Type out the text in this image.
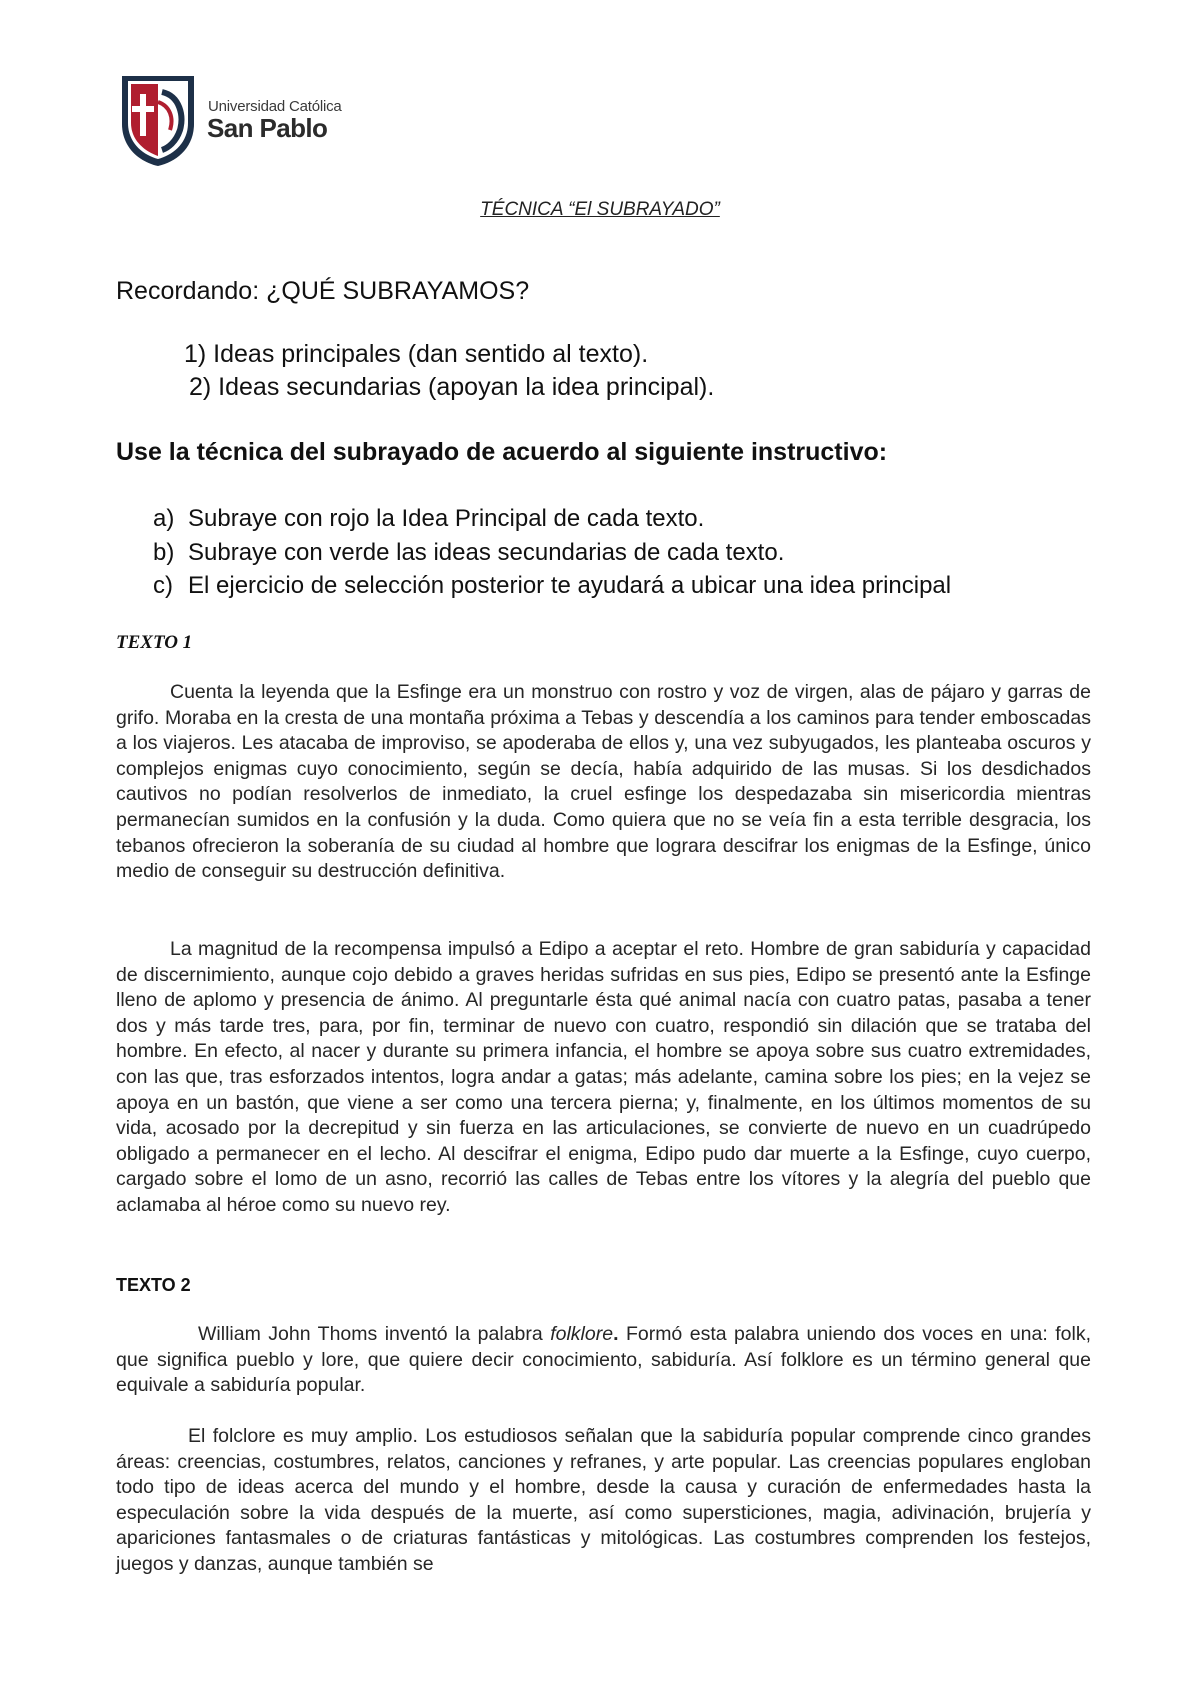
Universidad Católica
San Pablo
TÉCNICA “El SUBRAYADO”
Recordando: ¿QUÉ SUBRAYAMOS?
1) Ideas principales (dan sentido al texto).
2) Ideas secundarias (apoyan la idea principal).
Use la técnica del subrayado de acuerdo al siguiente instructivo:
a) Subraye con rojo la Idea Principal de cada texto.
b) Subraye con verde las ideas secundarias de cada texto.
c) El ejercicio de selección posterior te ayudará a ubicar una idea principal
TEXTO 1

Cuenta la leyenda que la Esfinge era un monstruo con rostro y voz de virgen, alas de pájaro y garras de grifo. Moraba en la cresta de una montaña próxima a Tebas y descendía a los caminos para tender emboscadas a los viajeros. Les atacaba de improviso, se apoderaba de ellos y, una vez subyugados, les planteaba oscuros y complejos enigmas cuyo conocimiento, según se decía, había adquirido de las musas. Si los desdichados cautivos no podían resolverlos de inmediato, la cruel esfinge los despedazaba sin misericordia mientras permanecían sumidos en la confusión y la duda. Como quiera que no se veía fin a esta terrible desgracia, los tebanos ofrecieron la soberanía de su ciudad al hombre que lograra descifrar los enigmas de la Esfinge, único medio de conseguir su destrucción definitiva.

La magnitud de la recompensa impulsó a Edipo a aceptar el reto. Hombre de gran sabiduría y capacidad de discernimiento, aunque cojo debido a graves heridas sufridas en sus pies, Edipo se presentó ante la Esfinge lleno de aplomo y presencia de ánimo. Al preguntarle ésta qué animal nacía con cuatro patas, pasaba a tener dos y más tarde tres, para, por fin, terminar de nuevo con cuatro, respondió sin dilación que se trataba del hombre. En efecto, al nacer y durante su primera infancia, el hombre se apoya sobre sus cuatro extremidades, con las que, tras esforzados intentos, logra andar a gatas; más adelante, camina sobre los pies; en la vejez se apoya en un bastón, que viene a ser como una tercera pierna; y, finalmente, en los últimos momentos de su vida, acosado por la decrepitud y sin fuerza en las articulaciones, se convierte de nuevo en un cuadrúpedo obligado a permanecer en el lecho. Al descifrar el enigma, Edipo pudo dar muerte a la Esfinge, cuyo cuerpo, cargado sobre el lomo de un asno, recorrió las calles de Tebas entre los vítores y la alegría del pueblo que aclamaba al héroe como su nuevo rey.

TEXTO 2

William John Thoms inventó la palabra folklore. Formó esta palabra uniendo dos voces en una: folk, que significa pueblo y lore, que quiere decir conocimiento, sabiduría. Así folklore es un término general que equivale a sabiduría popular.

El folclore es muy amplio. Los estudiosos señalan que la sabiduría popular comprende cinco grandes áreas: creencias, costumbres, relatos, canciones y refranes, y arte popular. Las creencias populares engloban todo tipo de ideas acerca del mundo y el hombre, desde la causa y curación de enfermedades hasta la especulación sobre la vida después de la muerte, así como supersticiones, magia, adivinación, brujería y apariciones fantasmales o de criaturas fantásticas y mitológicas. Las costumbres comprenden los festejos, juegos y danzas, aunque también se
